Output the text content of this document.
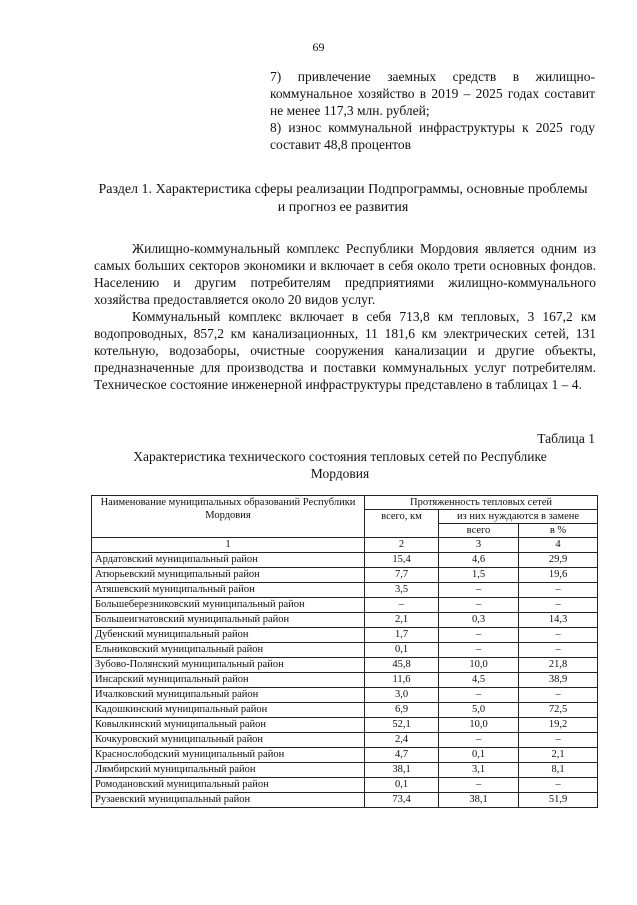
69

7) привлечение заемных средств в жилищно-коммунальное хозяйство в 2019 – 2025 годах составит не менее 117,3 млн. рублей;

8) износ коммунальной инфраструктуры к 2025 году составит 48,8 процентов

Раздел 1. Характеристика сферы реализации Подпрограммы, основные проблемы и прогноз ее развития

Жилищно-коммунальный комплекс Республики Мордовия является одним из самых больших секторов экономики и включает в себя около трети основных фондов. Населению и другим потребителям предприятиями жилищно-коммунального хозяйства предоставляется около 20 видов услуг.

Коммунальный комплекс включает в себя 713,8 км тепловых, 3 167,2 км водопроводных, 857,2 км канализационных, 11 181,6 км электрических сетей, 131 котельную, водозаборы, очистные сооружения канализации и другие объекты, предназначенные для производства и поставки коммунальных услуг потребителям. Техническое состояние инженерной инфраструктуры представлено в таблицах 1 – 4.

Таблица 1
Характеристика технического состояния тепловых сетей по Республике Мордовия
Наименование муниципальных образований Республики Мордовия	Протяженность тепловых сетей		
	всего, км	из них нуждаются в замене	
		всего	в %
1	2	3	4
Ардатовский муниципальный район	15,4	4,6	29,9
Атюрьевский муниципальный район	7,7	1,5	19,6
Атяшевский муниципальный район	3,5	–	–
Большеберезниковский муниципальный район	–	–	–
Большеигнатовский муниципальный район	2,1	0,3	14,3
Дубенский муниципальный район	1,7	–	–
Ельниковский муниципальный район	0,1	–	–
Зубово-Полянский муниципальный район	45,8	10,0	21,8
Инсарский муниципальный район	11,6	4,5	38,9
Ичалковский муниципальный район	3,0	–	–
Кадошкинский муниципальный район	6,9	5,0	72,5
Ковылкинский муниципальный район	52,1	10,0	19,2
Кочкуровский муниципальный район	2,4	–	–
Краснослободский муниципальный район	4,7	0,1	2,1
Лямбирский муниципальный район	38,1	3,1	8,1
Ромодановский муниципальный район	0,1	–	–
Рузаевский муниципальный район	73,4	38,1	51,9
